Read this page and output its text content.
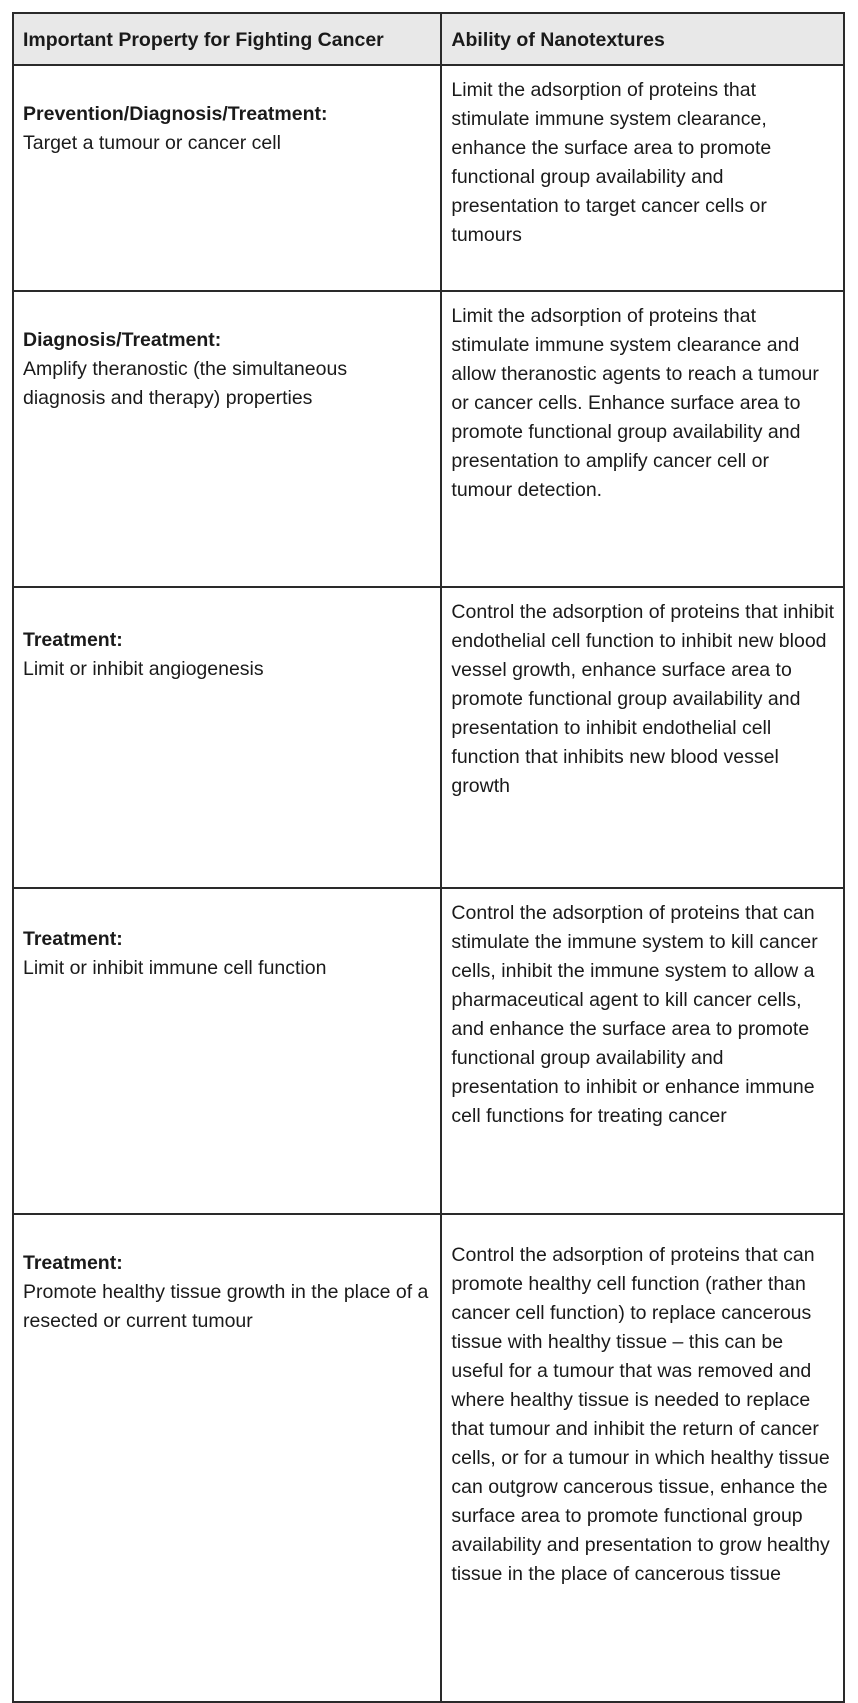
Important Property for Fighting Cancer	Ability of Nanotextures

Prevention/Diagnosis/Treatment:
Target a tumour or cancer cell	Limit the adsorption of proteins that stimulate immune system clearance, enhance the surface area to promote functional group availability and presentation to target cancer cells or tumours

Diagnosis/Treatment:
Amplify theranostic (the simultaneous diagnosis and therapy) properties	Limit the adsorption of proteins that stimulate immune system clearance and allow theranostic agents to reach a tumour or cancer cells. Enhance surface area to promote functional group availability and presentation to amplify cancer cell or tumour detection.

Treatment:
Limit or inhibit angiogenesis	Control the adsorption of proteins that inhibit endothelial cell function to inhibit new blood vessel growth, enhance surface area to promote functional group availability and presentation to inhibit endothelial cell function that inhibits new blood vessel growth

Treatment:
Limit or inhibit immune cell function	Control the adsorption of proteins that can stimulate the immune system to kill cancer cells, inhibit the immune system to allow a pharmaceutical agent to kill cancer cells, and enhance the surface area to promote functional group availability and presentation to inhibit or enhance immune cell functions for treating cancer

Treatment:
Promote healthy tissue growth in the place of a resected or current tumour	Control the adsorption of proteins that can promote healthy cell function (rather than cancer cell function) to replace cancerous tissue with healthy tissue – this can be useful for a tumour that was removed and where healthy tissue is needed to replace that tumour and inhibit the return of cancer cells, or for a tumour in which healthy tissue can outgrow cancerous tissue, enhance the surface area to promote functional group availability and presentation to grow healthy tissue in the place of cancerous tissue
